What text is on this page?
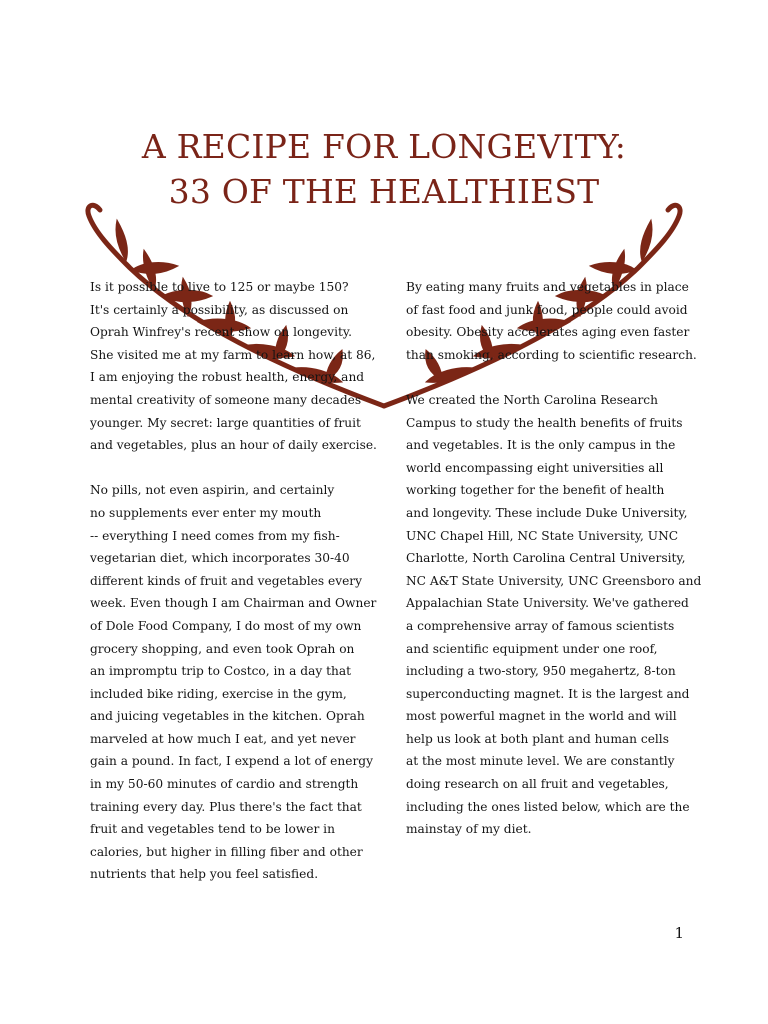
A RECIPE FOR LONGEVITY:
33 OF THE HEALTHIEST
Is it possible to live to 125 or maybe 150?
It's certainly a possibility, as discussed on
Oprah Winfrey's recent show on longevity.
She visited me at my farm to learn how, at 86,
I am enjoying the robust health, energy, and
mental creativity of someone many decades
younger. My secret: large quantities of fruit
and vegetables, plus an hour of daily exercise.
No pills, not even aspirin, and certainly
no supplements ever enter my mouth
-- everything I need comes from my fish-
vegetarian diet, which incorporates 30-40
different kinds of fruit and vegetables every
week. Even though I am Chairman and Owner
of Dole Food Company, I do most of my own
grocery shopping, and even took Oprah on
an impromptu trip to Costco, in a day that
included bike riding, exercise in the gym,
and juicing vegetables in the kitchen. Oprah
marveled at how much I eat, and yet never
gain a pound. In fact, I expend a lot of energy
in my 50-60 minutes of cardio and strength
training every day. Plus there's the fact that
fruit and vegetables tend to be lower in
calories, but higher in filling fiber and other
nutrients that help you feel satisfied.
By eating many fruits and vegetables in place
of fast food and junk food, people could avoid
obesity. Obesity accelerates aging even faster
than smoking, according to scientific research.
We created the North Carolina Research
Campus to study the health benefits of fruits
and vegetables. It is the only campus in the
world encompassing eight universities all
working together for the benefit of health
and longevity. These include Duke University,
UNC Chapel Hill, NC State University, UNC
Charlotte, North Carolina Central University,
NC A&T State University, UNC Greensboro and
Appalachian State University. We've gathered
a comprehensive array of famous scientists
and scientific equipment under one roof,
including a two-story, 950 megahertz, 8-ton
superconducting magnet. It is the largest and
most powerful magnet in the world and will
help us look at both plant and human cells
at the most minute level. We are constantly
doing research on all fruit and vegetables,
including the ones listed below, which are the
mainstay of my diet.
1
